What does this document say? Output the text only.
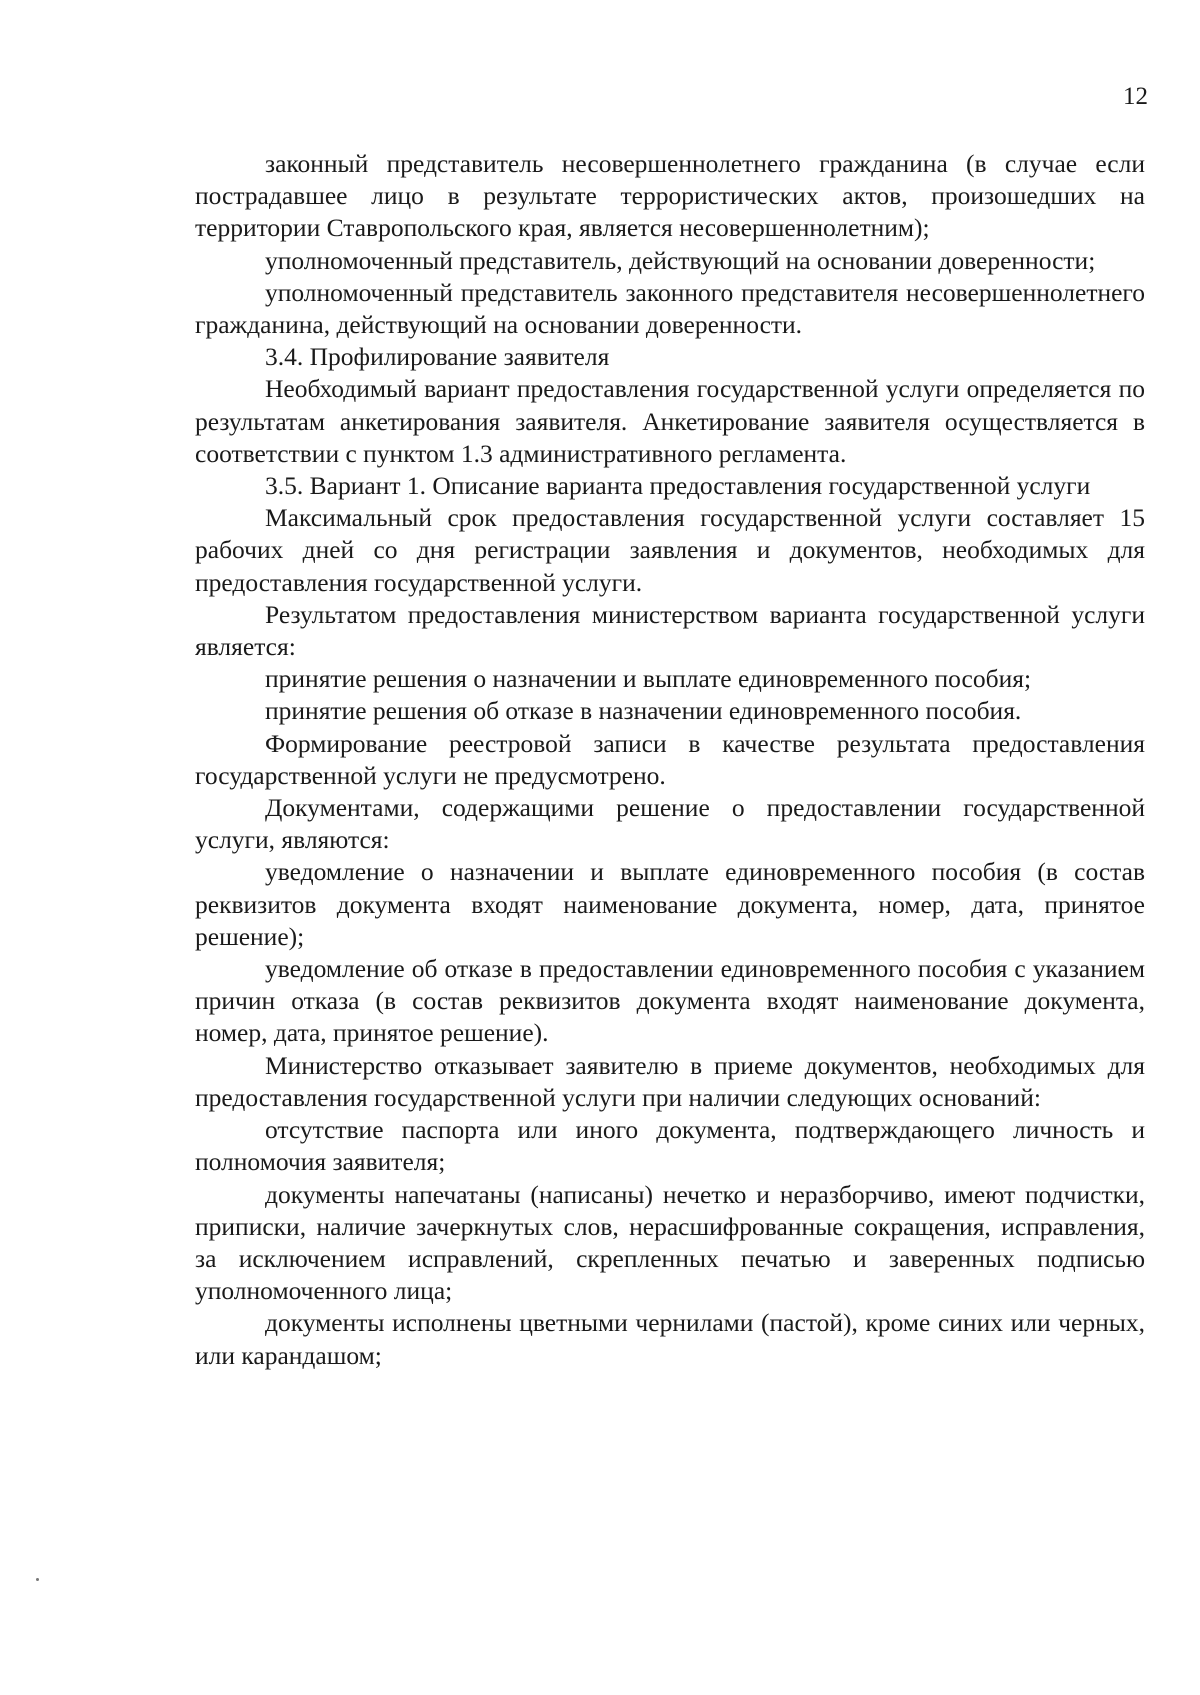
12

законный представитель несовершеннолетнего гражданина (в случае если пострадавшее лицо в результате террористических актов, произошедших на территории Ставропольского края, является несовершеннолетним);

уполномоченный представитель, действующий на основании доверенности;

уполномоченный представитель законного представителя несовершеннолетнего гражданина, действующий на основании доверенности.

3.4. Профилирование заявителя

Необходимый вариант предоставления государственной услуги определяется по результатам анкетирования заявителя. Анкетирование заявителя осуществляется в соответствии с пунктом 1.3 административного регламента.

3.5. Вариант 1. Описание варианта предоставления государственной услуги

Максимальный срок предоставления государственной услуги составляет 15 рабочих дней со дня регистрации заявления и документов, необходимых для предоставления государственной услуги.

Результатом предоставления министерством варианта государственной услуги является:

принятие решения о назначении и выплате единовременного пособия;

принятие решения об отказе в назначении единовременного пособия.

Формирование реестровой записи в качестве результата предоставления государственной услуги не предусмотрено.

Документами, содержащими решение о предоставлении государственной услуги, являются:

уведомление о назначении и выплате единовременного пособия (в состав реквизитов документа входят наименование документа, номер, дата, принятое решение);

уведомление об отказе в предоставлении единовременного пособия с указанием причин отказа (в состав реквизитов документа входят наименование документа, номер, дата, принятое решение).

Министерство отказывает заявителю в приеме документов, необходимых для предоставления государственной услуги при наличии следующих оснований:

отсутствие паспорта или иного документа, подтверждающего личность и полномочия заявителя;

документы напечатаны (написаны) нечетко и неразборчиво, имеют подчистки, приписки, наличие зачеркнутых слов, нерасшифрованные сокращения, исправления, за исключением исправлений, скрепленных печатью и заверенных подписью уполномоченного лица;

документы исполнены цветными чернилами (пастой), кроме синих или черных, или карандашом;
